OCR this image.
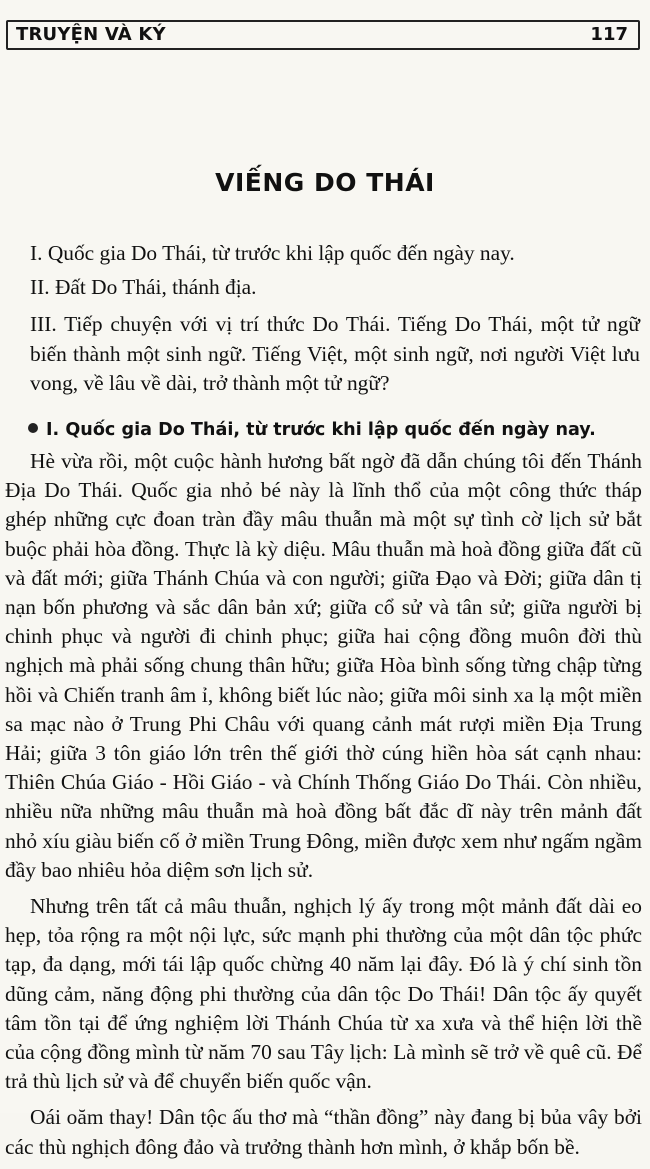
TRUYỆN VÀ KÝ	117
VIẾNG DO THÁI
I. Quốc gia Do Thái, từ trước khi lập quốc đến ngày nay.
II. Đất Do Thái, thánh địa.
III. Tiếp chuyện với vị trí thức Do Thái. Tiếng Do Thái, một tử ngữ biến thành một sinh ngữ. Tiếng Việt, một sinh ngữ, nơi người Việt lưu vong, về lâu về dài, trở thành một tử ngữ?
I. Quốc gia Do Thái, từ trước khi lập quốc đến ngày nay.

Hè vừa rồi, một cuộc hành hương bất ngờ đã dẫn chúng tôi đến Thánh Địa Do Thái. Quốc gia nhỏ bé này là lĩnh thổ của một công thức tháp ghép những cực đoan tràn đầy mâu thuẫn mà một sự tình cờ lịch sử bắt buộc phải hòa đồng. Thực là kỳ diệu. Mâu thuẫn mà hoà đồng giữa đất cũ và đất mới; giữa Thánh Chúa và con người; giữa Đạo và Đời; giữa dân tị nạn bốn phương và sắc dân bản xứ; giữa cổ sử và tân sử; giữa người bị chinh phục và người đi chinh phục; giữa hai cộng đồng muôn đời thù nghịch mà phải sống chung thân hữu; giữa Hòa bình sống từng chập từng hồi và Chiến tranh âm ỉ, không biết lúc nào; giữa môi sinh xa lạ một miền sa mạc nào ở Trung Phi Châu với quang cảnh mát rượi miền Địa Trung Hải; giữa 3 tôn giáo lớn trên thế giới thờ cúng hiền hòa sát cạnh nhau: Thiên Chúa Giáo - Hồi Giáo - và Chính Thống Giáo Do Thái. Còn nhiều, nhiều nữa những mâu thuẫn mà hoà đồng bất đắc dĩ này trên mảnh đất nhỏ xíu giàu biến cố ở miền Trung Đông, miền được xem như ngấm ngầm đầy bao nhiêu hỏa diệm sơn lịch sử.

Nhưng trên tất cả mâu thuẫn, nghịch lý ấy trong một mảnh đất dài eo hẹp, tỏa rộng ra một nội lực, sức mạnh phi thường của một dân tộc phức tạp, đa dạng, mới tái lập quốc chừng 40 năm lại đây. Đó là ý chí sinh tồn dũng cảm, năng động phi thường của dân tộc Do Thái! Dân tộc ấy quyết tâm tồn tại để ứng nghiệm lời Thánh Chúa từ xa xưa và thể hiện lời thề của cộng đồng mình từ năm 70 sau Tây lịch: Là mình sẽ trở về quê cũ. Để trả thù lịch sử và để chuyển biến quốc vận.

Oái oăm thay! Dân tộc ấu thơ mà “thần đồng” này đang bị bủa vây bởi các thù nghịch đông đảo và trưởng thành hơn mình, ở khắp bốn bề.
